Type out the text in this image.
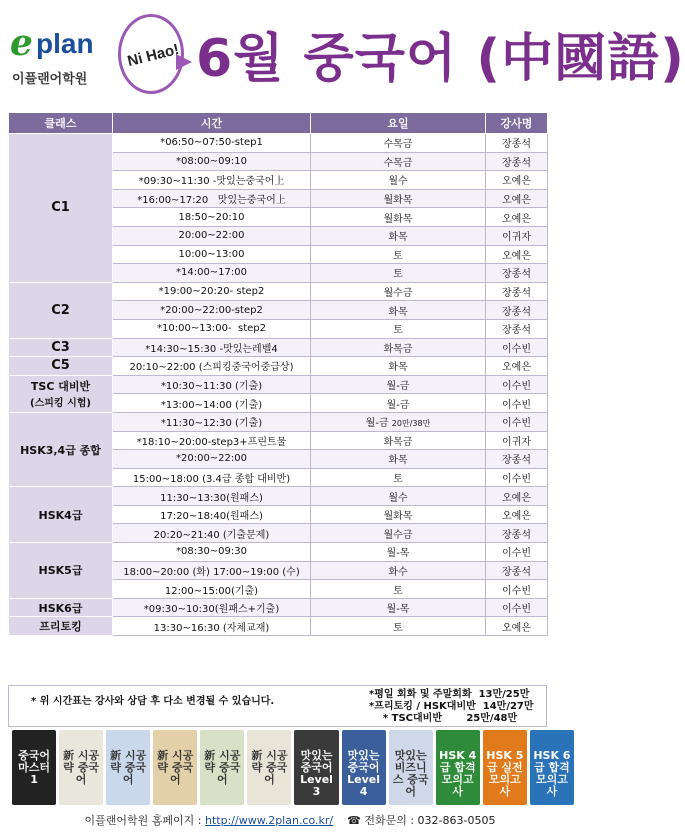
e plan
이플랜어학원
Ni Hao! 6월 중국어 (中國語)
클래스	시간	요일	강사명
C1	*06:50~07:50-step1	수목금	장종석
	*08:00~09:10	수목금	장종석
	*09:30~11:30 -맛있는중국어上	월수	오예은
	*16:00~17:20   맛있는중국어上	월화목	오예은
	18:50~20:10	월화목	오예은
	20:00~22:00	화목	이귀자
	10:00~13:00	토	오예은
	*14:00~17:00	토	장종석
C2	*19:00~20:20- step2	월수금	장종석
	*20:00~22:00-step2	화목	장종석
	*10:00~13:00-  step2	토	장종석
C3	*14:30~15:30 -맛있는레벨4	화목금	이수빈
C5	20:10~22:00 (스피킹중국어중급상)	화목	오예은

TSC 대비반
(스피킹 시험)	*10:30~11:30 (기출)	월-금	이수빈
	*13:00~14:00 (기출)	월-금	이수빈
HSK3,4급 종합	*11:30~12:30 (기출)	월-금 20만/38만	이수빈
	*18:10~20:00-step3+프린트물	화목금	이귀자
	*20:00~22:00	화목	장종석
	15:00~18:00 (3.4급 종합 대비반)	토	이수빈
HSK4급	11:30~13:30(원패스)	월수	오예은
	17:20~18:40(원패스)	월화목	오예은
	20:20~21:40 (기출문제)	월수금	장종석
HSK5급	*08:30~09:30	월-목	이수빈
	18:00~20:00 (화) 17:00~19:00 (수)	화수	장종석
	12:00~15:00(기출)	토	이수빈
HSK6급	*09:30~10:30(원패스+기출)	월-목	이수빈
프리토킹	13:30~16:30 (자체교재)	토	오예은
* 위 시간표는 강사와 상담 후 다소 변경될 수 있습니다.
*평일 회화 및 주말회화  13만/25만
*프리토킹 / HSK대비반  14만/27만
* TSC대비반       25만/48만
중국어 마스터 1
新 시공략 중국어
新 시공략 중국어
新 시공략 중국어
新 시공략 중국어
新 시공략 중국어
맛있는 중국어 Level 3
맛있는 중국어 Level 4
맛있는 비즈니스 중국어
HSK 4급 합격모의고사
HSK 5급 실전모의고사
HSK 6급 합격모의고사
이플랜어학원 홈페이지 : http://www.2plan.co.kr/ ☎ 전화문의 : 032-863-0505
